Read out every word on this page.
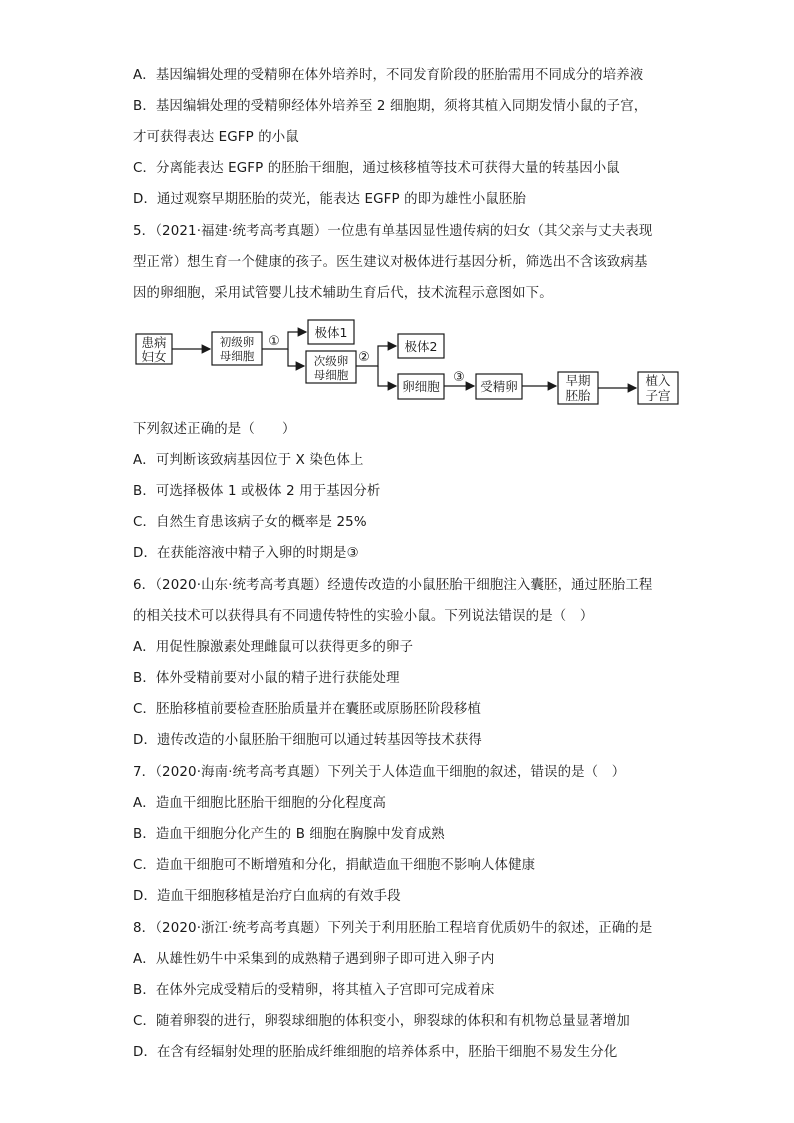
A．基因编辑处理的受精卵在体外培养时，不同发育阶段的胚胎需用不同成分的培养液
B．基因编辑处理的受精卵经体外培养至 2 细胞期，须将其植入同期发情小鼠的子宫，
才可获得表达 EGFP 的小鼠
C．分离能表达 EGFP 的胚胎干细胞，通过核移植等技术可获得大量的转基因小鼠
D．通过观察早期胚胎的荧光，能表达 EGFP 的即为雄性小鼠胚胎
5．（2021·福建·统考高考真题）一位患有单基因显性遗传病的妇女（其父亲与丈夫表现
型正常）想生育一个健康的孩子。医生建议对极体进行基因分析，筛选出不含该致病基
因的卵细胞，采用试管婴儿技术辅助生育后代，技术流程示意图如下。
患病
妇女
初级卵
母细胞
极体1
次级卵
母细胞
极体2
卵细胞	受精卵	早期
胚胎
植入
子宫
①
②
③
下列叙述正确的是（　　）
A．可判断该致病基因位于 X 染色体上
B．可选择极体 1 或极体 2 用于基因分析
C．自然生育患该病子女的概率是 25%
D．在获能溶液中精子入卵的时期是③
6．（2020·山东·统考高考真题）经遗传改造的小鼠胚胎干细胞注入囊胚，通过胚胎工程
的相关技术可以获得具有不同遗传特性的实验小鼠。下列说法错误的是（　）
A．用促性腺激素处理雌鼠可以获得更多的卵子
B．体外受精前要对小鼠的精子进行获能处理
C．胚胎移植前要检查胚胎质量并在囊胚或原肠胚阶段移植
D．遗传改造的小鼠胚胎干细胞可以通过转基因等技术获得
7．（2020·海南·统考高考真题）下列关于人体造血干细胞的叙述，错误的是（　）
A．造血干细胞比胚胎干细胞的分化程度高
B．造血干细胞分化产生的 B 细胞在胸腺中发育成熟
C．造血干细胞可不断增殖和分化，捐献造血干细胞不影响人体健康
D．造血干细胞移植是治疗白血病的有效手段
8．（2020·浙江·统考高考真题）下列关于利用胚胎工程培育优质奶牛的叙述，正确的是
A．从雄性奶牛中采集到的成熟精子遇到卵子即可进入卵子内
B．在体外完成受精后的受精卵，将其植入子宫即可完成着床
C．随着卵裂的进行，卵裂球细胞的体积变小，卵裂球的体积和有机物总量显著增加
D．在含有经辐射处理的胚胎成纤维细胞的培养体系中，胚胎干细胞不易发生分化
